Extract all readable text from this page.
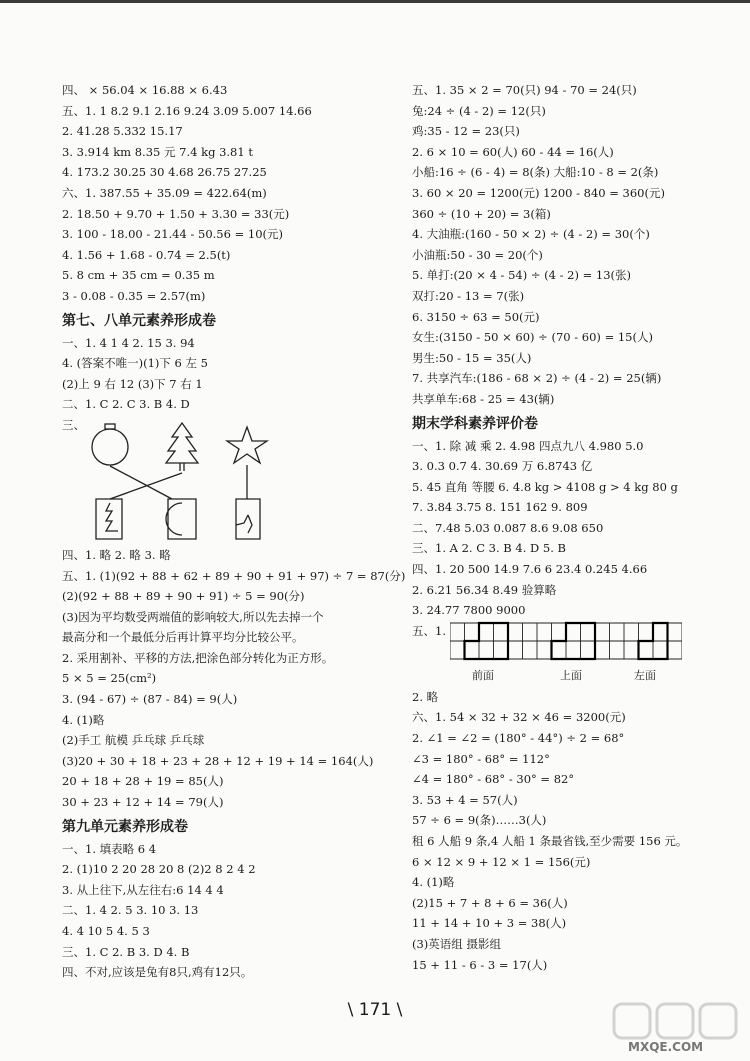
四、 × 56.04 × 16.88 × 6.43
五、1. 1 8.2 9.1 2.16 9.24 3.09 5.007 14.66
2. 41.28 5.332 15.17
3. 3.914 km 8.35 元 7.4 kg 3.81 t
4. 173.2 30.25 30 4.68 26.75 27.25
六、1. 387.55 + 35.09 = 422.64(m)
2. 18.50 + 9.70 + 1.50 + 3.30 = 33(元)
3. 100 - 18.00 - 21.44 - 50.56 = 10(元)
4. 1.56 + 1.68 - 0.74 = 2.5(t)
5. 8 cm + 35 cm = 0.35 m
3 - 0.08 - 0.35 = 2.57(m)
第七、八单元素养形成卷
一、1. 4 1 4 2. 15 3. 94
4. (答案不唯一)(1)下 6 左 5
(2)上 9 右 12 (3)下 7 右 1
二、1. C 2. C 3. B 4. D
三、
四、1. 略 2. 略 3. 略
五、1. (1)(92 + 88 + 62 + 89 + 90 + 91 + 97) ÷ 7 = 87(分)
(2)(92 + 88 + 89 + 90 + 91) ÷ 5 = 90(分)
(3)因为平均数受两端值的影响较大,所以先去掉一个
最高分和一个最低分后再计算平均分比较公平。
2. 采用割补、平移的方法,把涂色部分转化为正方形。
5 × 5 = 25(cm²)
3. (94 - 67) ÷ (87 - 84) = 9(人)
4. (1)略
(2)手工 航模 乒乓球 乒乓球
(3)20 + 30 + 18 + 23 + 28 + 12 + 19 + 14 = 164(人)
20 + 18 + 28 + 19 = 85(人)
30 + 23 + 12 + 14 = 79(人)
第九单元素养形成卷
一、1. 填表略 6 4
2. (1)10 2 20 28 20 8 (2)2 8 2 4 2
3. 从上往下,从左往右:6 14 4 4
二、1. 4 2. 5 3. 10 3. 13
4. 4 10 5 4. 5 3
三、1. C 2. B 3. D 4. B
四、不对,应该是兔有8只,鸡有12只。
五、1. 35 × 2 = 70(只) 94 - 70 = 24(只)
兔:24 ÷ (4 - 2) = 12(只)
鸡:35 - 12 = 23(只)
2. 6 × 10 = 60(人) 60 - 44 = 16(人)
小船:16 ÷ (6 - 4) = 8(条) 大船:10 - 8 = 2(条)
3. 60 × 20 = 1200(元) 1200 - 840 = 360(元)
360 ÷ (10 + 20) = 3(箱)
4. 大油瓶:(160 - 50 × 2) ÷ (4 - 2) = 30(个)
小油瓶:50 - 30 = 20(个)
5. 单打:(20 × 4 - 54) ÷ (4 - 2) = 13(张)
双打:20 - 13 = 7(张)
6. 3150 ÷ 63 = 50(元)
女生:(3150 - 50 × 60) ÷ (70 - 60) = 15(人)
男生:50 - 15 = 35(人)
7. 共享汽车:(186 - 68 × 2) ÷ (4 - 2) = 25(辆)
共享单车:68 - 25 = 43(辆)
期末学科素养评价卷
一、1. 除 减 乘 2. 4.98 四点九八 4.980 5.0
3. 0.3 0.7 4. 30.69 万 6.8743 亿
5. 45 直角 等腰 6. 4.8 kg > 4108 g > 4 kg 80 g
7. 3.84 3.75 8. 151 162 9. 809
二、7.48 5.03 0.087 8.6 9.08 650
三、1. A 2. C 3. B 4. D 5. B
四、1. 20 500 14.9 7.6 6 23.4 0.245 4.66
2. 6.21 56.34 8.49 验算略
3. 24.77 7800 9000
五、1.
前面	上面	左面
2. 略
六、1. 54 × 32 + 32 × 46 = 3200(元)
2. ∠1 = ∠2 = (180° - 44°) ÷ 2 = 68°
∠3 = 180° - 68° = 112°
∠4 = 180° - 68° - 30° = 82°
3. 53 + 4 = 57(人)
57 ÷ 6 = 9(条)……3(人)
租 6 人船 9 条,4 人船 1 条最省钱,至少需要 156 元。
6 × 12 × 9 + 12 × 1 = 156(元)
4. (1)略
(2)15 + 7 + 8 + 6 = 36(人)
11 + 14 + 10 + 3 = 38(人)
(3)英语组 摄影组
15 + 11 - 6 - 3 = 17(人)
\ 171 \
MXQE.COM
